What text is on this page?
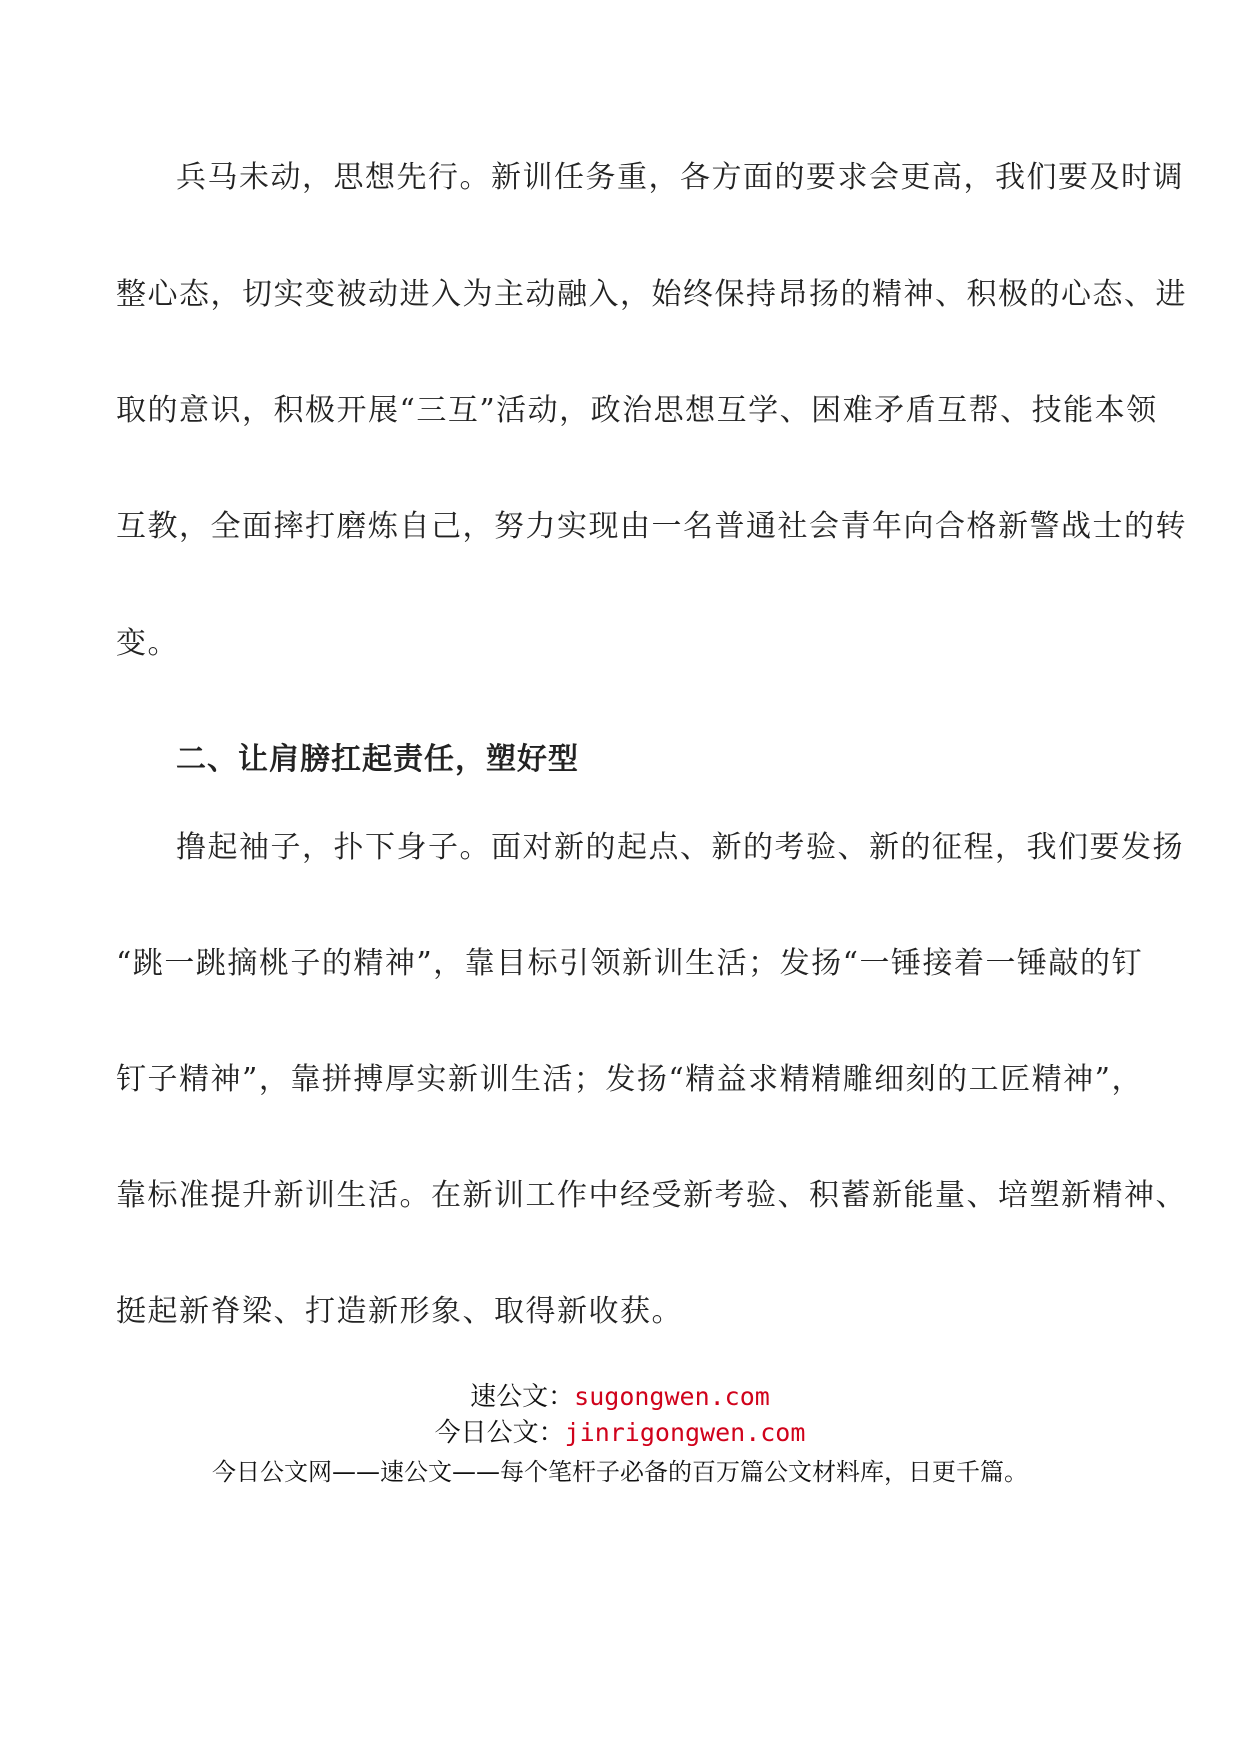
兵马未动，思想先行。新训任务重，各方面的要求会更高，我们要及时调
整心态，切实变被动进入为主动融入，始终保持昂扬的精神、积极的心态、进
取的意识，积极开展“三互”活动，政治思想互学、困难矛盾互帮、技能本领
互教，全面摔打磨炼自己，努力实现由一名普通社会青年向合格新警战士的转
变。
二、让肩膀扛起责任，塑好型
撸起袖子，扑下身子。面对新的起点、新的考验、新的征程，我们要发扬
“跳一跳摘桃子的精神”，靠目标引领新训生活；发扬“一锤接着一锤敲的钉
钉子精神”，靠拼搏厚实新训生活；发扬“精益求精精雕细刻的工匠精神”，
靠标准提升新训生活。在新训工作中经受新考验、积蓄新能量、培塑新精神、
挺起新脊梁、打造新形象、取得新收获。
速公文：sugongwen.com
今日公文：jinrigongwen.com
今日公文网——速公文——每个笔杆子必备的百万篇公文材料库，日更千篇。
